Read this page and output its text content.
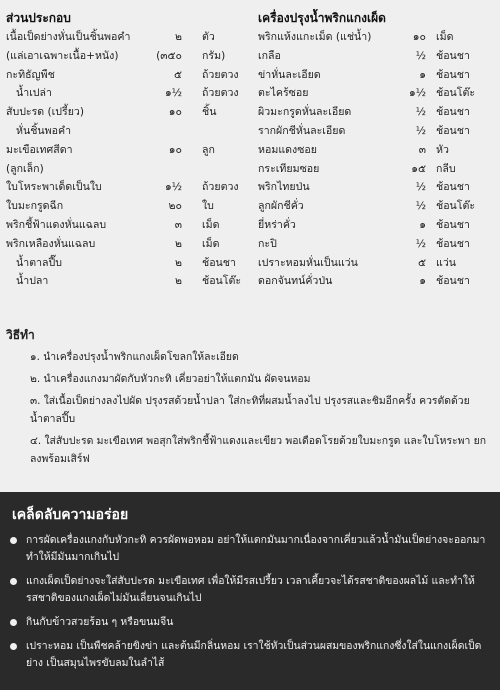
ส่วนประกอบ
เนื้อเป็ดย่างหั่นเป็นชิ้นพอคำ	๒ ตัว
(แล่เอาเฉพาะเนื้อ+หนัง)	(๓๕๐ กรัม)
กะทิธัญพืช	๕ ถ้วยตวง
น้ำเปล่า	๑½ ถ้วยตวง
สับปะรด (เปรี้ยว)	๑๐ ชิ้น
หั่นชิ้นพอคำ
มะเขือเทศสีดา	๑๐ ลูก
(ลูกเล็ก)
ใบโหระพาเด็ดเป็นใบ	๑½ ถ้วยตวง
ใบมะกรูดฉีก	๒๐ ใบ
พริกชี้ฟ้าแดงหั่นแฉลบ	๓ เม็ด
พริกเหลืองหั่นแฉลบ	๒ เม็ด
น้ำตาลปี๊บ	๒ ช้อนชา
น้ำปลา	๒ ช้อนโต๊ะ
เครื่องปรุงน้ำพริกแกงเผ็ด
พริกแห้งแกะเม็ด (แช่น้ำ)	๑๐ เม็ด
เกลือ	½ ช้อนชา
ข่าหั่นละเอียด	๑ ช้อนชา
ตะไคร้ซอย	๑½ ช้อนโต๊ะ
ผิวมะกรูดหั่นละเอียด	½ ช้อนชา
รากผักชีหั่นละเอียด	½ ช้อนชา
หอมแดงซอย	๓ หัว
กระเทียมซอย	๑๕ กลีบ
พริกไทยป่น	½ ช้อนชา
ลูกผักชีคั่ว	½ ช้อนโต๊ะ
ยี่หร่าคั่ว	๑ ช้อนชา
กะปิ	½ ช้อนชา
เปราะหอมหั่นเป็นแว่น	๕ แว่น
ดอกจันทน์คั่วป่น	๑ ช้อนชา
วิธีทำ
๑. นำเครื่องปรุงน้ำพริกแกงเผ็ดโขลกให้ละเอียด
๒. นำเครื่องแกงมาผัดกับหัวกะทิ เคี่ยวอย่าให้แตกมัน ผัดจนหอม
๓. ใส่เนื้อเป็ดย่างลงไปผัด ปรุงรสด้วยน้ำปลา ใส่กะทิที่ผสมน้ำลงไป ปรุงรสและชิมอีกครั้ง ควรตัดด้วยน้ำตาลปี๊บ
๔. ใส่สับปะรด มะเขือเทศ พอสุกใส่พริกชี้ฟ้าแดงและเขียว พอเดือดโรยด้วยใบมะกรูด และใบโหระพา ยกลงพร้อมเสิร์ฟ
เคล็ดลับความอร่อย
การผัดเครื่องแกงกับหัวกะทิ ควรผัดพอหอม อย่าให้แตกมันมากเนื่องจากเคี่ยวแล้วน้ำมันเป็ดย่างจะออกมาทำให้มีมันมากเกินไป
แกงเผ็ดเป็ดย่างจะใส่สับปะรด มะเขือเทศ เพื่อให้มีรสเปรี้ยว เวลาเคี้ยวจะได้รสชาติของผลไม้ และทำให้รสชาติของแกงเผ็ดไม่มันเลี่ยนจนเกินไป
กินกับข้าวสวยร้อน ๆ หรือขนมจีน
เปราะหอม เป็นพืชคล้ายขิงข่า และต้นมีกลิ่นหอม เราใช้หัวเป็นส่วนผสมของพริกแกงซึ่งใส่ในแกงเผ็ดเป็ดย่าง เป็นสมุนไพรขับลมในลำไส้
